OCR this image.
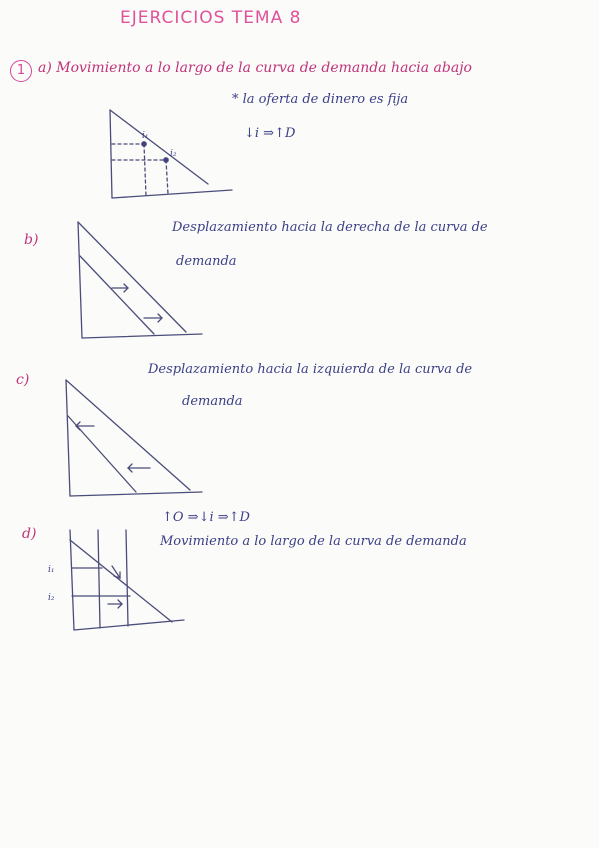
EJERCICIOS TEMA 8
1 a) Movimiento a lo largo de la curva de demanda hacia abajo
* la oferta de dinero es fija
↓i ⇒↑D
b)
Desplazamiento hacia la derecha de la curva de
demanda
c)
Desplazamiento hacia la izquierda de la curva de
demanda
d)
↑O ⇒↓i ⇒↑D
Movimiento a lo largo de la curva de demanda
i₁
i₂
i₁
i₂
